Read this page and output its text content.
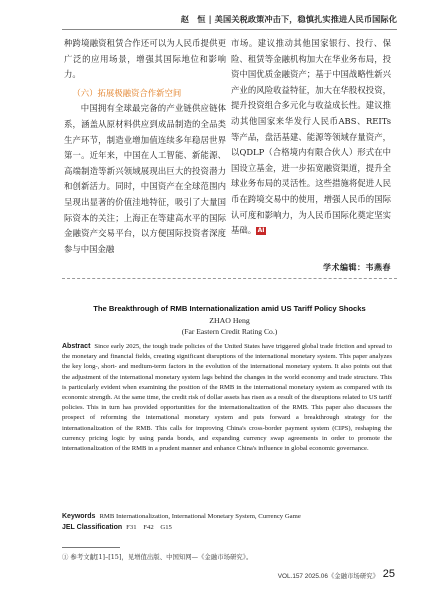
赵　恒 | 美国关税政策冲击下，稳慎扎实推进人民币国际化

种跨境融资租赁合作还可以为人民币提供更广泛的应用场景，增强其国际地位和影响力。

（六）拓展极融资合作新空间

中国拥有全球最完备的产业链供应链体系，涵盖从原材料供应到成品制造的全品类生产环节，制造业增加值连续多年稳居世界第一。近年来，中国在人工智能、新能源、高端制造等新兴领域展现出巨大的投资潜力和创新活力。同时，中国资产在全球范围内呈现出显著的价值洼地特征，吸引了大量国际资本的关注；上海正在等建高水平的国际金融资产交易平台，以方便国际投资者深度参与中国金融

市场。建议推动其他国家银行、投行、保险、租赁等金融机构加大在华业务布局，投资中国优质金融资产；基于中国战略性新兴产业的风险收益特征，加大在华股权投资，提升投资组合多元化与收益成长性。建议推动其他国家来华发行人民币ABS、REITs等产品，盘活基建、能源等领域存量资产，以QDLP（合格境内有限合伙人）形式在中国设立基金，进一步拓宽融资渠道，提升全球业务布局的灵活性。这些措施将促进人民币在跨境交易中的使用，增强人民币的国际认可度和影响力，为人民币国际化奠定坚实基础。 AI

学术编辑：韦燕春
The Breakthrough of RMB Internationalization amid US Tariff Policy Shocks
ZHAO Heng
(Far Eastern Credit Rating Co.)

Abstract Since early 2025, the tough trade policies of the United States have triggered global trade friction and spread to the monetary and financial fields, creating significant disruptions of the international monetary system. This paper analyzes the key long-, short- and medium-term factors in the evolution of the international monetary system. It also points out that the adjustment of the international monetary system lags behind the changes in the world economy and trade structure. This is particularly evident when examining the position of the RMB in the international monetary system as compared with its economic strength. At the same time, the credit risk of dollar assets has risen as a result of the disruptions related to US tariff policies. This in turn has provided opportunities for the internationalization of the RMB. This paper also discusses the prospect of reforming the international monetary system and puts forward a breakthrough strategy for the internationalization of the RMB. This calls for improving China's cross-border payment system (CIPS), reshaping the currency pricing logic by using panda bonds, and expanding currency swap agreements in order to promote the internationalization of the RMB in a prudent manner and enhance China's influence in global economic governance.

Keywords RMB Internationalization, International Monetary System, Currency Game
JEL Classification F31　F42　G15
① 参考文献[1]–[15]，见增值出版、中国知网—《金融市场研究》。
VOL.157 2025.06《金融市场研究》 25
